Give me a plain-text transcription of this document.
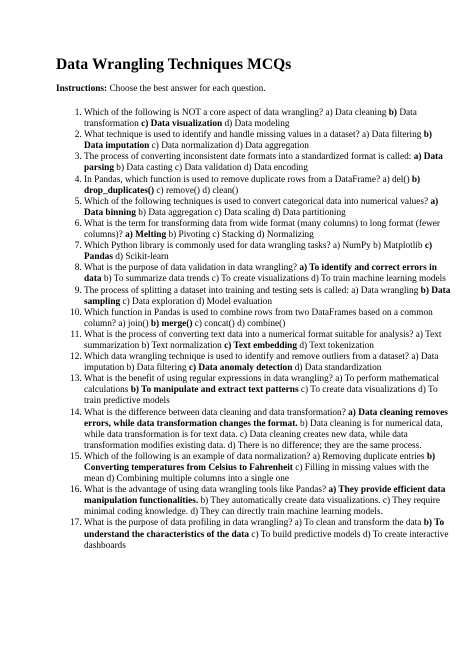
Data Wrangling Techniques MCQs
Instructions: Choose the best answer for each question.
1. Which of the following is NOT a core aspect of data wrangling? a) Data cleaning b) Data transformation c) Data visualization d) Data modeling
2. What technique is used to identify and handle missing values in a dataset? a) Data filtering b) Data imputation c) Data normalization d) Data aggregation
3. The process of converting inconsistent date formats into a standardized format is called: a) Data parsing b) Data casting c) Data validation d) Data encoding
4. In Pandas, which function is used to remove duplicate rows from a DataFrame? a) del() b) drop_duplicates() c) remove() d) clean()
5. Which of the following techniques is used to convert categorical data into numerical values? a) Data binning b) Data aggregation c) Data scaling d) Data partitioning
6. What is the term for transforming data from wide format (many columns) to long format (fewer columns)? a) Melting b) Pivoting c) Stacking d) Normalizing
7. Which Python library is commonly used for data wrangling tasks? a) NumPy b) Matplotlib c) Pandas d) Scikit-learn
8. What is the purpose of data validation in data wrangling? a) To identify and correct errors in data b) To summarize data trends c) To create visualizations d) To train machine learning models
9. The process of splitting a dataset into training and testing sets is called: a) Data wrangling b) Data sampling c) Data exploration d) Model evaluation
10. Which function in Pandas is used to combine rows from two DataFrames based on a common column? a) join() b) merge() c) concat() d) combine()
11. What is the process of converting text data into a numerical format suitable for analysis? a) Text summarization b) Text normalization c) Text embedding d) Text tokenization
12. Which data wrangling technique is used to identify and remove outliers from a dataset? a) Data imputation b) Data filtering c) Data anomaly detection d) Data standardization
13. What is the benefit of using regular expressions in data wrangling? a) To perform mathematical calculations b) To manipulate and extract text patterns c) To create data visualizations d) To train predictive models
14. What is the difference between data cleaning and data transformation? a) Data cleaning removes errors, while data transformation changes the format. b) Data cleaning is for numerical data, while data transformation is for text data. c) Data cleaning creates new data, while data transformation modifies existing data. d) There is no difference; they are the same process.
15. Which of the following is an example of data normalization? a) Removing duplicate entries b) Converting temperatures from Celsius to Fahrenheit c) Filling in missing values with the mean d) Combining multiple columns into a single one
16. What is the advantage of using data wrangling tools like Pandas? a) They provide efficient data manipulation functionalities. b) They automatically create data visualizations. c) They require minimal coding knowledge. d) They can directly train machine learning models.
17. What is the purpose of data profiling in data wrangling? a) To clean and transform the data b) To understand the characteristics of the data c) To build predictive models d) To create interactive dashboards
